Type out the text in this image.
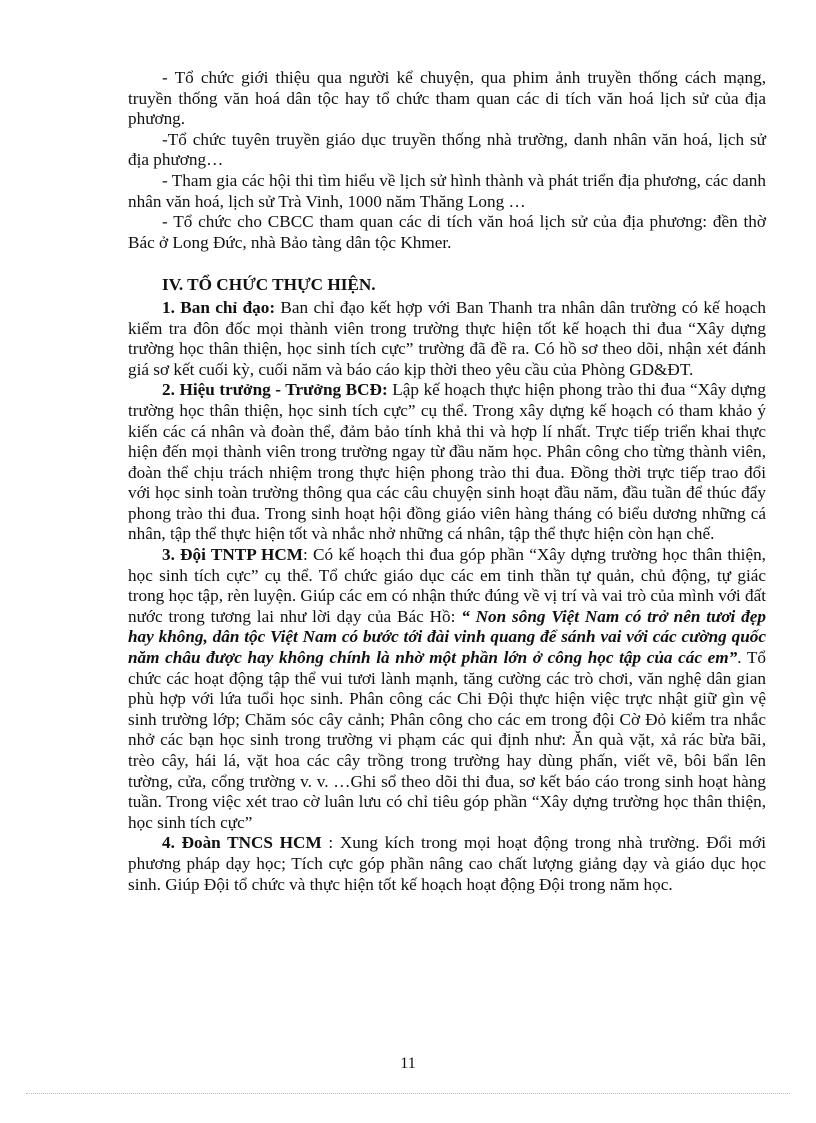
- Tổ chức giới thiệu qua người kể chuyện, qua phim ảnh truyền thống cách mạng, truyền thống văn hoá dân tộc hay tổ chức tham quan các di tích văn hoá lịch sử của địa phương.

-Tổ chức tuyên truyền giáo dục truyền thống nhà trường, danh nhân văn hoá, lịch sử địa phương…

- Tham gia các hội thi tìm hiểu về lịch sử hình thành và phát triển địa phương, các danh nhân văn hoá, lịch sử Trà Vinh, 1000 năm Thăng Long …

- Tổ chức cho CBCC tham quan các di tích văn hoá lịch sử của địa phương: đền thờ Bác ở Long Đức, nhà Bảo tàng dân tộc Khmer.

IV. TỔ CHỨC THỰC HIỆN.

1. Ban chỉ đạo: Ban chỉ đạo kết hợp với Ban Thanh tra nhân dân trường có kế hoạch kiểm tra đôn đốc mọi thành viên trong trường thực hiện tốt kế hoạch thi đua “Xây dựng trường học thân thiện, học sinh tích cực” trường đã đề ra. Có hồ sơ theo dõi, nhận xét đánh giá sơ kết cuối kỳ, cuối năm và báo cáo kịp thời theo yêu cầu của Phòng GD&ĐT.

2. Hiệu trưởng - Trưởng BCĐ: Lập kế hoạch thực hiện phong trào thi đua “Xây dựng trường học thân thiện, học sinh tích cực” cụ thể. Trong xây dựng kế hoạch có tham khảo ý kiến các cá nhân và đoàn thể, đảm bảo tính khả thi và hợp lí nhất. Trực tiếp triển khai thực hiện đến mọi thành viên trong trường ngay từ đầu năm học. Phân công cho từng thành viên, đoàn thể chịu trách nhiệm trong thực hiện phong trào thi đua. Đồng thời trực tiếp trao đổi với học sinh toàn trường thông qua các câu chuyện sinh hoạt đầu năm, đầu tuần để thúc đẩy phong trào thi đua. Trong sinh hoạt hội đồng giáo viên hàng tháng có biểu dương những cá nhân, tập thể thực hiện tốt và nhắc nhở những cá nhân, tập thể thực hiện còn hạn chế.

3. Đội TNTP HCM: Có kế hoạch thi đua góp phần “Xây dựng trường học thân thiện, học sinh tích cực” cụ thể. Tổ chức giáo dục các em tinh thần tự quản, chủ động, tự giác trong học tập, rèn luyện. Giúp các em có nhận thức đúng về vị trí và vai trò của mình với đất nước trong tương lai như lời dạy của Bác Hồ: “ Non sông Việt Nam có trở nên tươi đẹp hay không, dân tộc Việt Nam có bước tới đài vinh quang để sánh vai với các cường quốc năm châu được hay không chính là nhờ một phần lớn ở công học tập của các em”. Tổ chức các hoạt động tập thể vui tươi lành mạnh, tăng cường các trò chơi, văn nghệ dân gian phù hợp với lứa tuổi học sinh. Phân công các Chi Đội thực hiện việc trực nhật giữ gìn vệ sinh trường lớp; Chăm sóc cây cảnh; Phân công cho các em trong đội Cờ Đỏ kiểm tra nhắc nhở các bạn học sinh trong trường vi phạm các qui định như: Ăn quà vặt, xả rác bừa bãi, trèo cây, hái lá, vặt hoa các cây trồng trong trường hay dùng phấn, viết vẽ, bôi bẩn lên tường, cửa, cổng trường v. v. …Ghi sổ theo dõi thi đua, sơ kết báo cáo trong sinh hoạt hàng tuần. Trong việc xét trao cờ luân lưu có chỉ tiêu góp phần “Xây dựng trường học thân thiện, học sinh tích cực”

4. Đoàn TNCS HCM : Xung kích trong mọi hoạt động trong nhà trường. Đổi mới phương pháp dạy học; Tích cực góp phần nâng cao chất lượng giảng dạy và giáo dục học sinh. Giúp Đội tổ chức và thực hiện tốt kế hoạch hoạt động Đội trong năm học.

11
